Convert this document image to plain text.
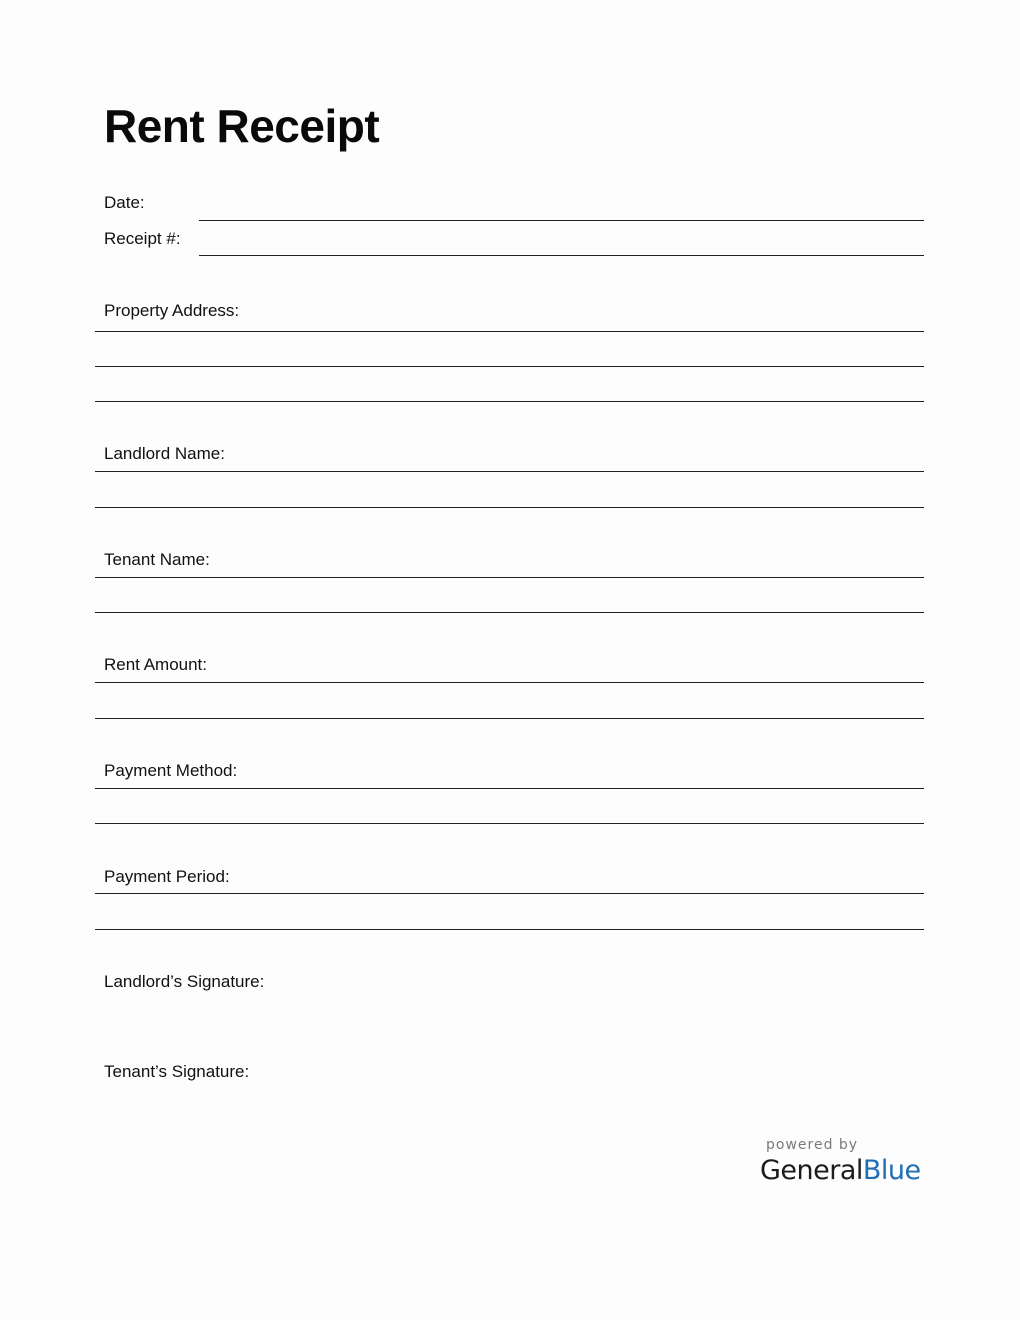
Rent Receipt
Date:
Receipt #:
Property Address:
Landlord Name:
Tenant Name:
Rent Amount:
Payment Method:
Payment Period:
Landlord’s Signature:
Tenant’s Signature:
powered by
GeneralBlue
